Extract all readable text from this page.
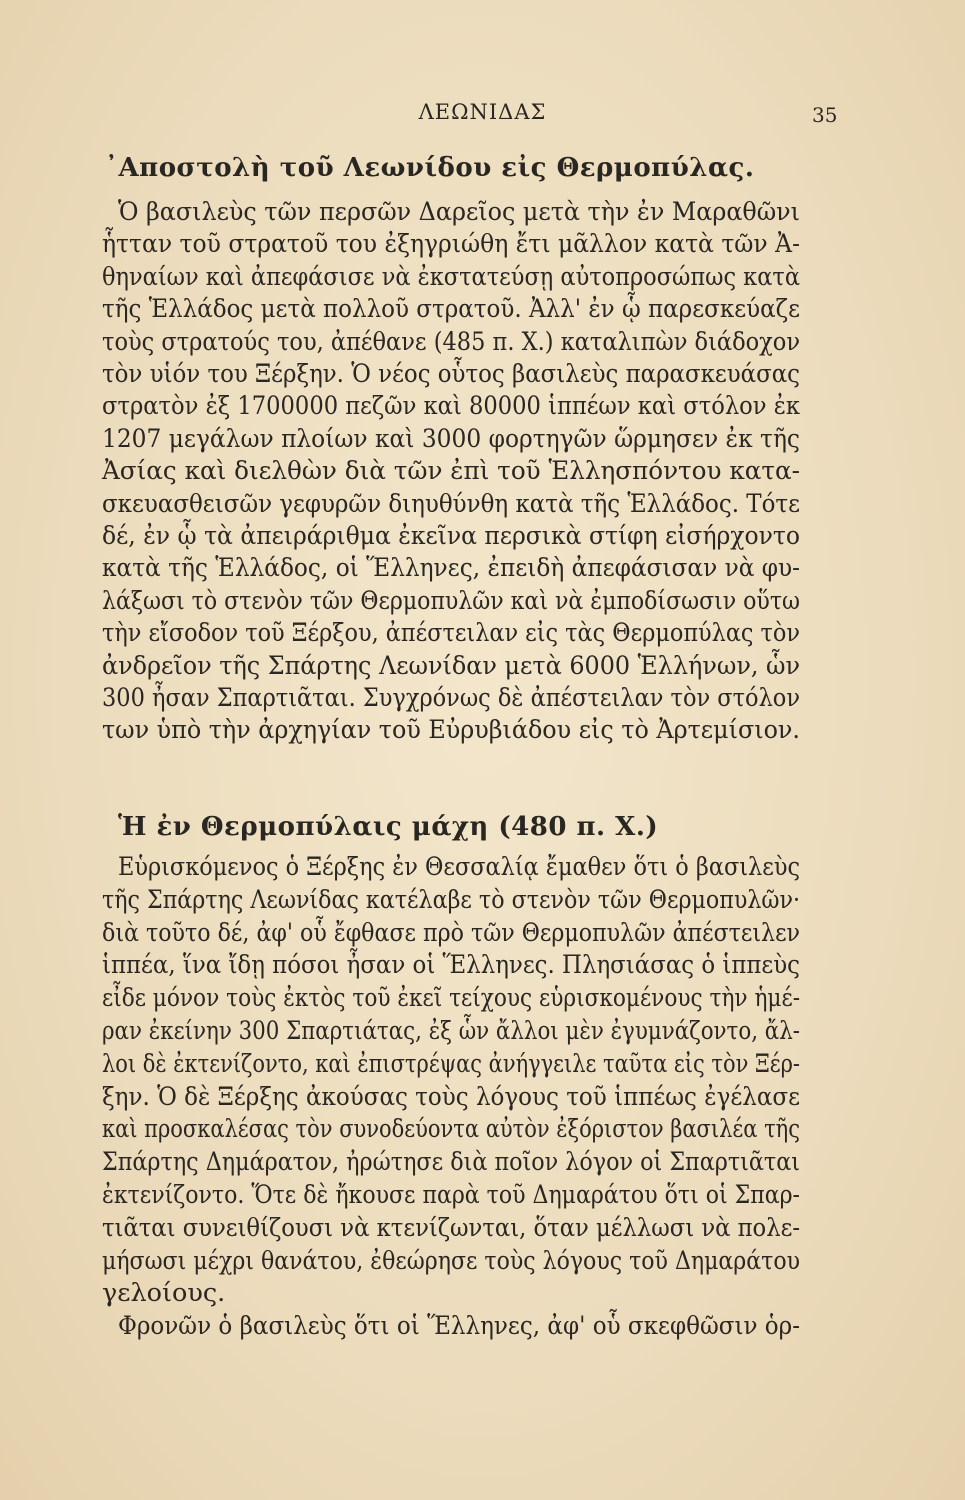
ΛΕΩΝΙΔΑΣ	35
᾿Αποστολὴ τοῦ Λεωνίδου εἰς Θερμοπύλας.
Ὁ βασιλεὺς τῶν περσῶν Δαρεῖος μετὰ τὴν ἐν Μαραθῶνι
ἧτταν τοῦ στρατοῦ του ἐξηγριώθη ἔτι μᾶλλον κατὰ τῶν Ἀ-
θηναίων καὶ ἀπεφάσισε νὰ ἐκστατεύσῃ αὐτοπροσώπως κατὰ
τῆς Ἑλλάδος μετὰ πολλοῦ στρατοῦ. Ἀλλ' ἐν ᾧ παρεσκεύαζε
τοὺς στρατούς του, ἀπέθανε (485 π. Χ.) καταλιπὼν διάδοχον
τὸν υἱόν του Ξέρξην. Ὁ νέος οὗτος βασιλεὺς παρασκευάσας
στρατὸν ἐξ 1700000 πεζῶν καὶ 80000 ἱππέων καὶ στόλον ἐκ
1207 μεγάλων πλοίων καὶ 3000 φορτηγῶν ὥρμησεν ἐκ τῆς
Ἀσίας καὶ διελθὼν διὰ τῶν ἐπὶ τοῦ Ἑλλησπόντου κατα-
σκευασθεισῶν γεφυρῶν διηυθύνθη κατὰ τῆς Ἑλλάδος. Τότε
δέ, ἐν ᾧ τὰ ἀπειράριθμα ἐκεῖνα περσικὰ στίφη εἰσήρχοντο
κατὰ τῆς Ἑλλάδος, οἱ Ἕλληνες, ἐπειδὴ ἀπεφάσισαν νὰ φυ-
λάξωσι τὸ στενὸν τῶν Θερμοπυλῶν καὶ νὰ ἐμποδίσωσιν οὕτω
τὴν εἴσοδον τοῦ Ξέρξου, ἀπέστειλαν εἰς τὰς Θερμοπύλας τὸν
ἀνδρεῖον τῆς Σπάρτης Λεωνίδαν μετὰ 6000 Ἑλλήνων, ὧν
300 ἦσαν Σπαρτιᾶται. Συγχρόνως δὲ ἀπέστειλαν τὸν στόλον
των ὑπὸ τὴν ἀρχηγίαν τοῦ Εὐρυβιάδου εἰς τὸ Ἀρτεμίσιον.
Ἡ ἐν Θερμοπύλαις μάχη (480 π. Χ.)
Εὑρισκόμενος ὁ Ξέρξης ἐν Θεσσαλίᾳ ἔμαθεν ὅτι ὁ βασιλεὺς
τῆς Σπάρτης Λεωνίδας κατέλαβε τὸ στενὸν τῶν Θερμοπυλῶν·
διὰ τοῦτο δέ, ἀφ' οὗ ἔφθασε πρὸ τῶν Θερμοπυλῶν ἀπέστειλεν
ἱππέα, ἵνα ἴδῃ πόσοι ἦσαν οἱ Ἕλληνες. Πλησιάσας ὁ ἱππεὺς
εἶδε μόνον τοὺς ἐκτὸς τοῦ ἐκεῖ τείχους εὑρισκομένους τὴν ἡμέ-
ραν ἐκείνην 300 Σπαρτιάτας, ἐξ ὧν ἄλλοι μὲν ἐγυμνάζοντο, ἄλ-
λοι δὲ ἐκτενίζοντο, καὶ ἐπιστρέψας ἀνήγγειλε ταῦτα εἰς τὸν Ξέρ-
ξην. Ὁ δὲ Ξέρξης ἀκούσας τοὺς λόγους τοῦ ἱππέως ἐγέλασε
καὶ προσκαλέσας τὸν συνοδεύοντα αὐτὸν ἐξόριστον βασιλέα τῆς
Σπάρτης Δημάρατον, ἠρώτησε διὰ ποῖον λόγον οἱ Σπαρτιᾶται
ἐκτενίζοντο. Ὅτε δὲ ἤκουσε παρὰ τοῦ Δημαράτου ὅτι οἱ Σπαρ-
τιᾶται συνειθίζουσι νὰ κτενίζωνται, ὅταν μέλλωσι νὰ πολε-
μήσωσι μέχρι θανάτου, ἐθεώρησε τοὺς λόγους τοῦ Δημαράτου
γελοίους.
Φρονῶν ὁ βασιλεὺς ὅτι οἱ Ἕλληνες, ἀφ' οὗ σκεφθῶσιν ὁρ-
